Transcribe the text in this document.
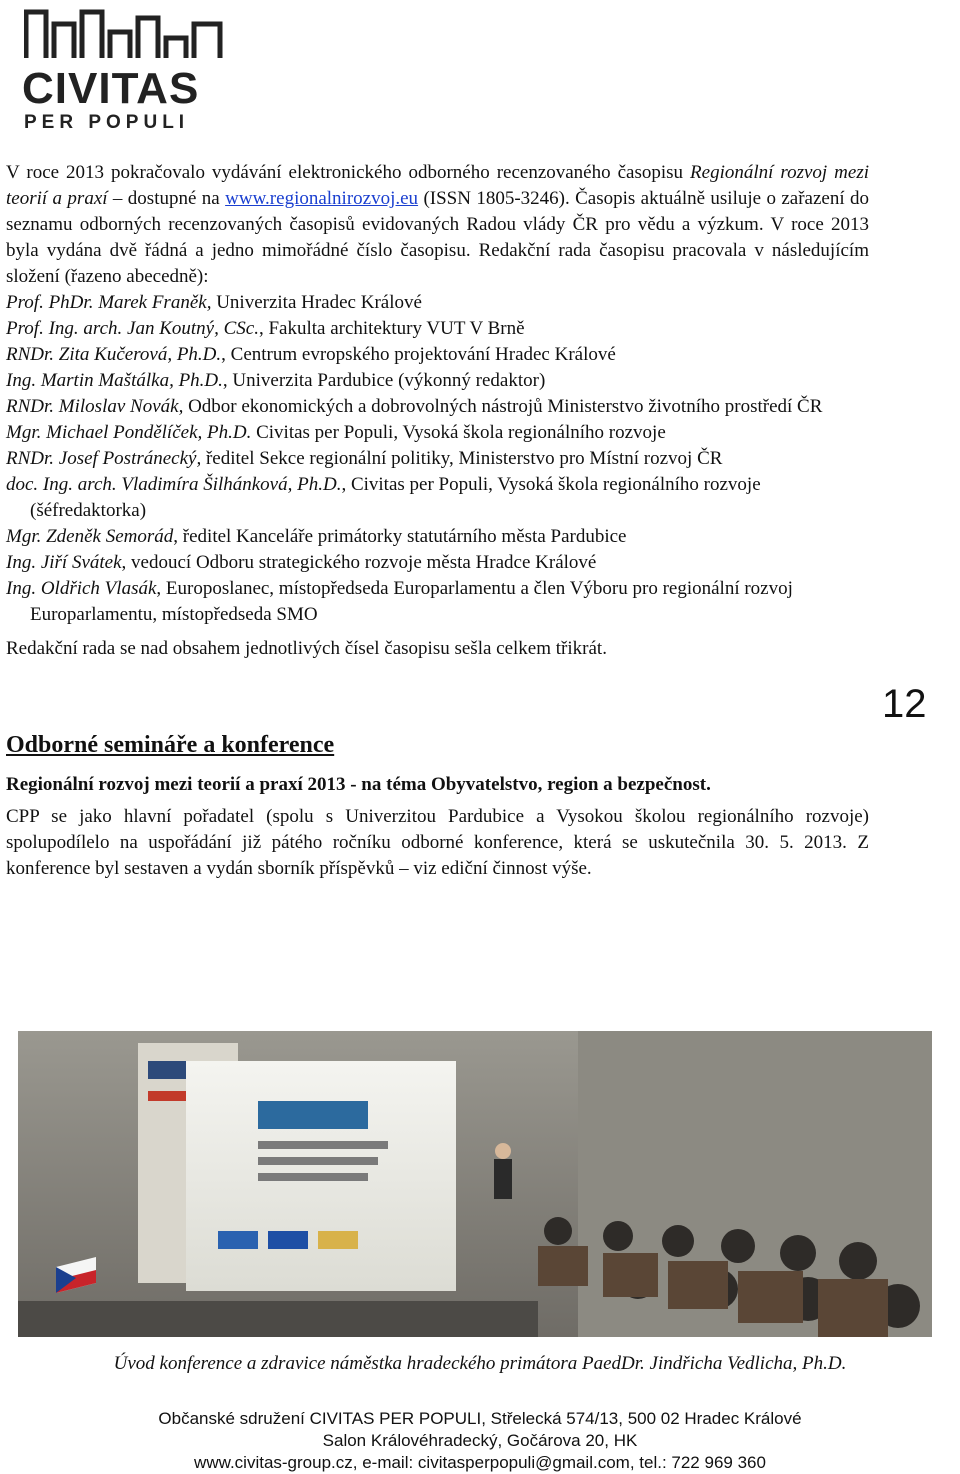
CIVITAS
PER POPULI
12

V roce 2013 pokračovalo vydávání elektronického odborného recenzovaného časopisu Regionální rozvoj mezi teorií a praxí – dostupné na www.regionalnirozvoj.eu (ISSN 1805-3246). Časopis aktuálně usiluje o zařazení do seznamu odborných recenzovaných časopisů evidovaných Radou vlády ČR pro vědu a výzkum. V roce 2013 byla vydána dvě řádná a jedno mimořádné číslo časopisu. Redakční rada časopisu pracovala v následujícím složení (řazeno abecedně):

Prof. PhDr. Marek Franěk, Univerzita Hradec Králové

Prof. Ing. arch. Jan Koutný, CSc., Fakulta architektury VUT V Brně

RNDr. Zita Kučerová, Ph.D., Centrum evropského projektování Hradec Králové

Ing. Martin Maštálka, Ph.D., Univerzita Pardubice (výkonný redaktor)

RNDr. Miloslav Novák, Odbor ekonomických a dobrovolných nástrojů Ministerstvo životního prostředí ČR

Mgr. Michael Pondělíček, Ph.D. Civitas per Populi, Vysoká škola regionálního rozvoje

RNDr. Josef Postránecký, ředitel Sekce regionální politiky, Ministerstvo pro Místní rozvoj ČR

doc. Ing. arch. Vladimíra Šilhánková, Ph.D., Civitas per Populi, Vysoká škola regionálního rozvoje (šéfredaktorka)

Mgr. Zdeněk Semorád, ředitel Kanceláře primátorky statutárního města Pardubice

Ing. Jiří Svátek, vedoucí Odboru strategického rozvoje města Hradce Králové

Ing. Oldřich Vlasák, Europoslanec, místopředseda Europarlamentu a člen Výboru pro regionální rozvoj Europarlamentu, místopředseda SMO

Redakční rada se nad obsahem jednotlivých čísel časopisu sešla celkem třikrát.

Odborné semináře a konference

Regionální rozvoj mezi teorií a praxí 2013 - na téma Obyvatelstvo, region a bezpečnost.

CPP se jako hlavní pořadatel (spolu s Univerzitou Pardubice a Vysokou školou regionálního rozvoje) spolupodílelo na uspořádání již pátého ročníku odborné konference, která se uskutečnila 30. 5. 2013. Z konference byl sestaven a vydán sborník příspěvků – viz ediční činnost výše.

Úvod konference a zdravice náměstka hradeckého primátora PaedDr. Jindřicha Vedlicha, Ph.D.

Občanské sdružení CIVITAS PER POPULI, Střelecká 574/13, 500 02 Hradec Králové
Salon Královéhradecký, Gočárova 20, HK
www.civitas-group.cz, e-mail: civitasperpopuli@gmail.com, tel.: 722 969 360
